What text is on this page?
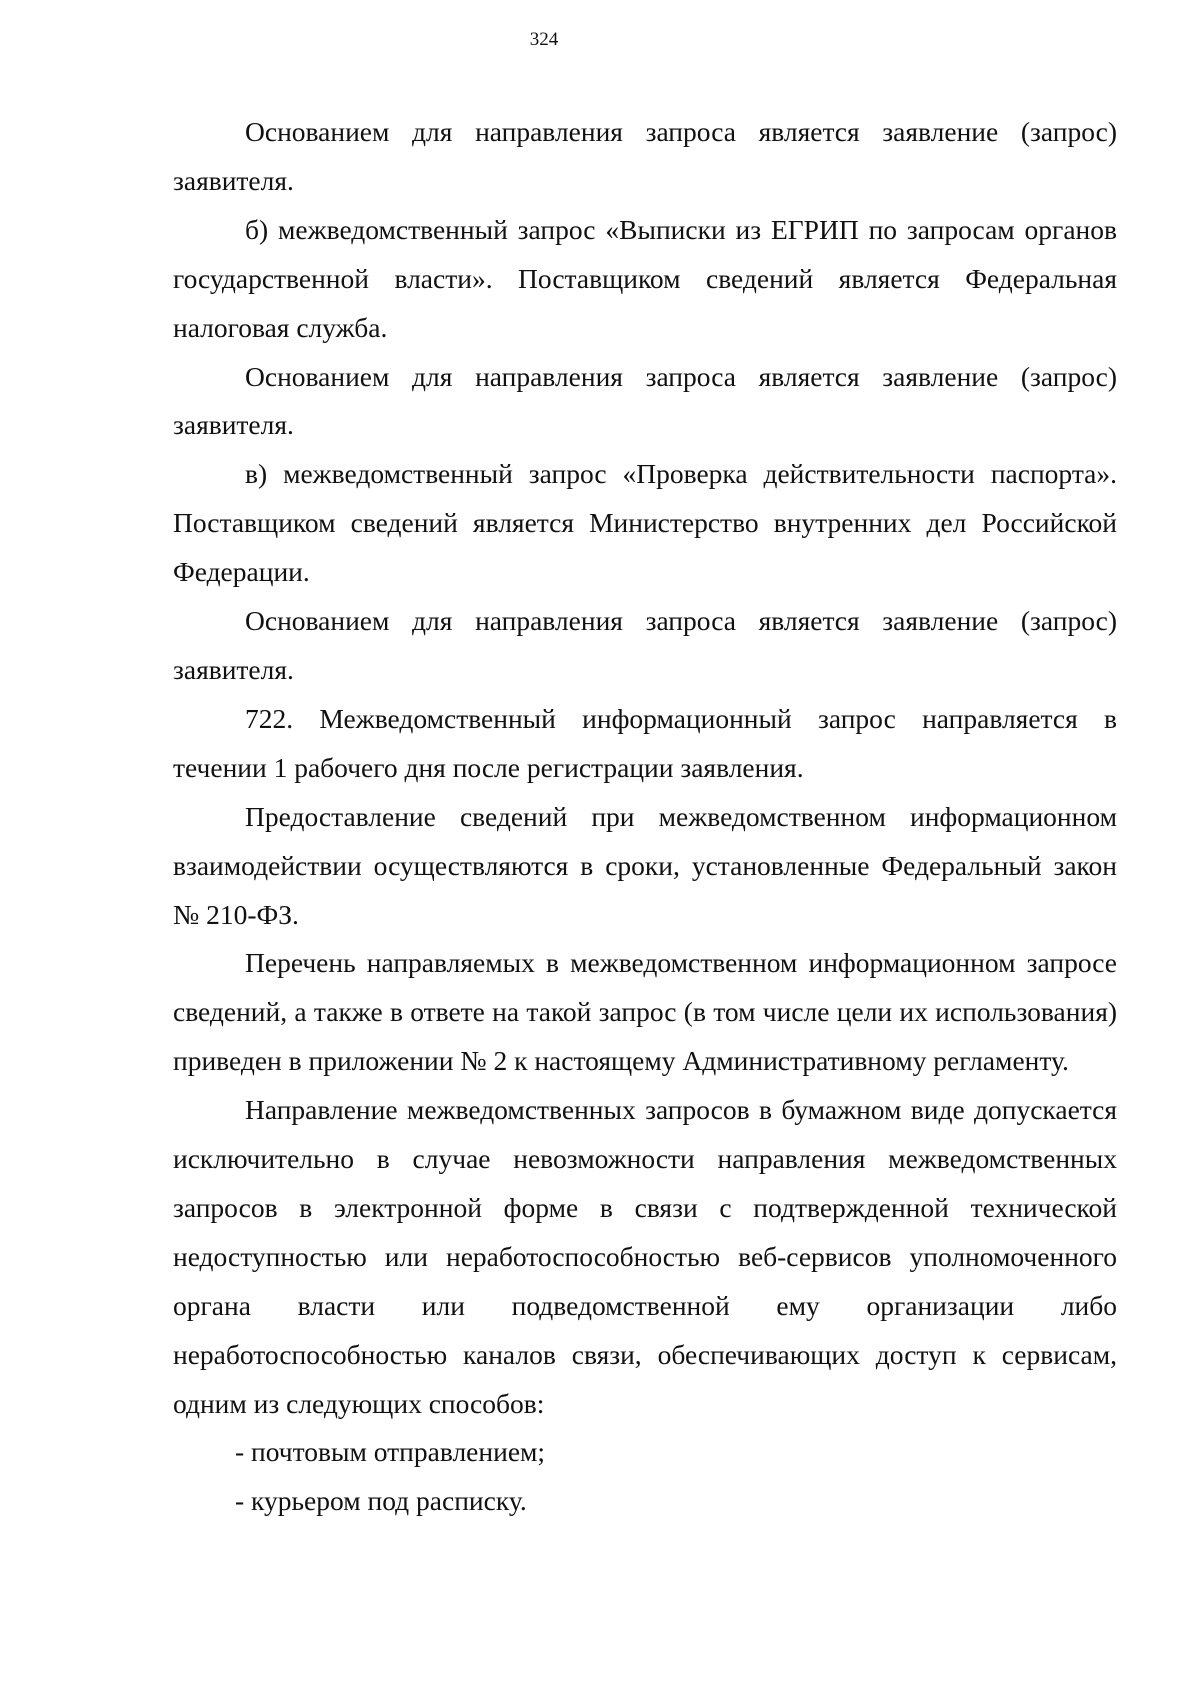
324

Основанием для направления запроса является заявление (запрос) заявителя.

б) межведомственный запрос «Выписки из ЕГРИП по запросам органов государственной власти». Поставщиком сведений является Федеральная налоговая служба.

Основанием для направления запроса является заявление (запрос) заявителя.

в) межведомственный запрос «Проверка действительности паспорта». Поставщиком сведений является Министерство внутренних дел Российской Федерации.

Основанием для направления запроса является заявление (запрос) заявителя.

722. Межведомственный информационный запрос направляется в течении 1 рабочего дня после регистрации заявления.

Предоставление сведений при межведомственном информационном взаимодействии осуществляются в сроки, установленные Федеральный закон № 210-ФЗ.

Перечень направляемых в межведомственном информационном запросе сведений, а также в ответе на такой запрос (в том числе цели их использования) приведен в приложении № 2 к настоящему Административному регламенту.

Направление межведомственных запросов в бумажном виде допускается исключительно в случае невозможности направления межведомственных запросов в электронной форме в связи с подтвержденной технической недоступностью или неработоспособностью веб-сервисов уполномоченного органа власти или подведомственной ему организации либо неработоспособностью каналов связи, обеспечивающих доступ к сервисам, одним из следующих способов:

- почтовым отправлением;

- курьером под расписку.
